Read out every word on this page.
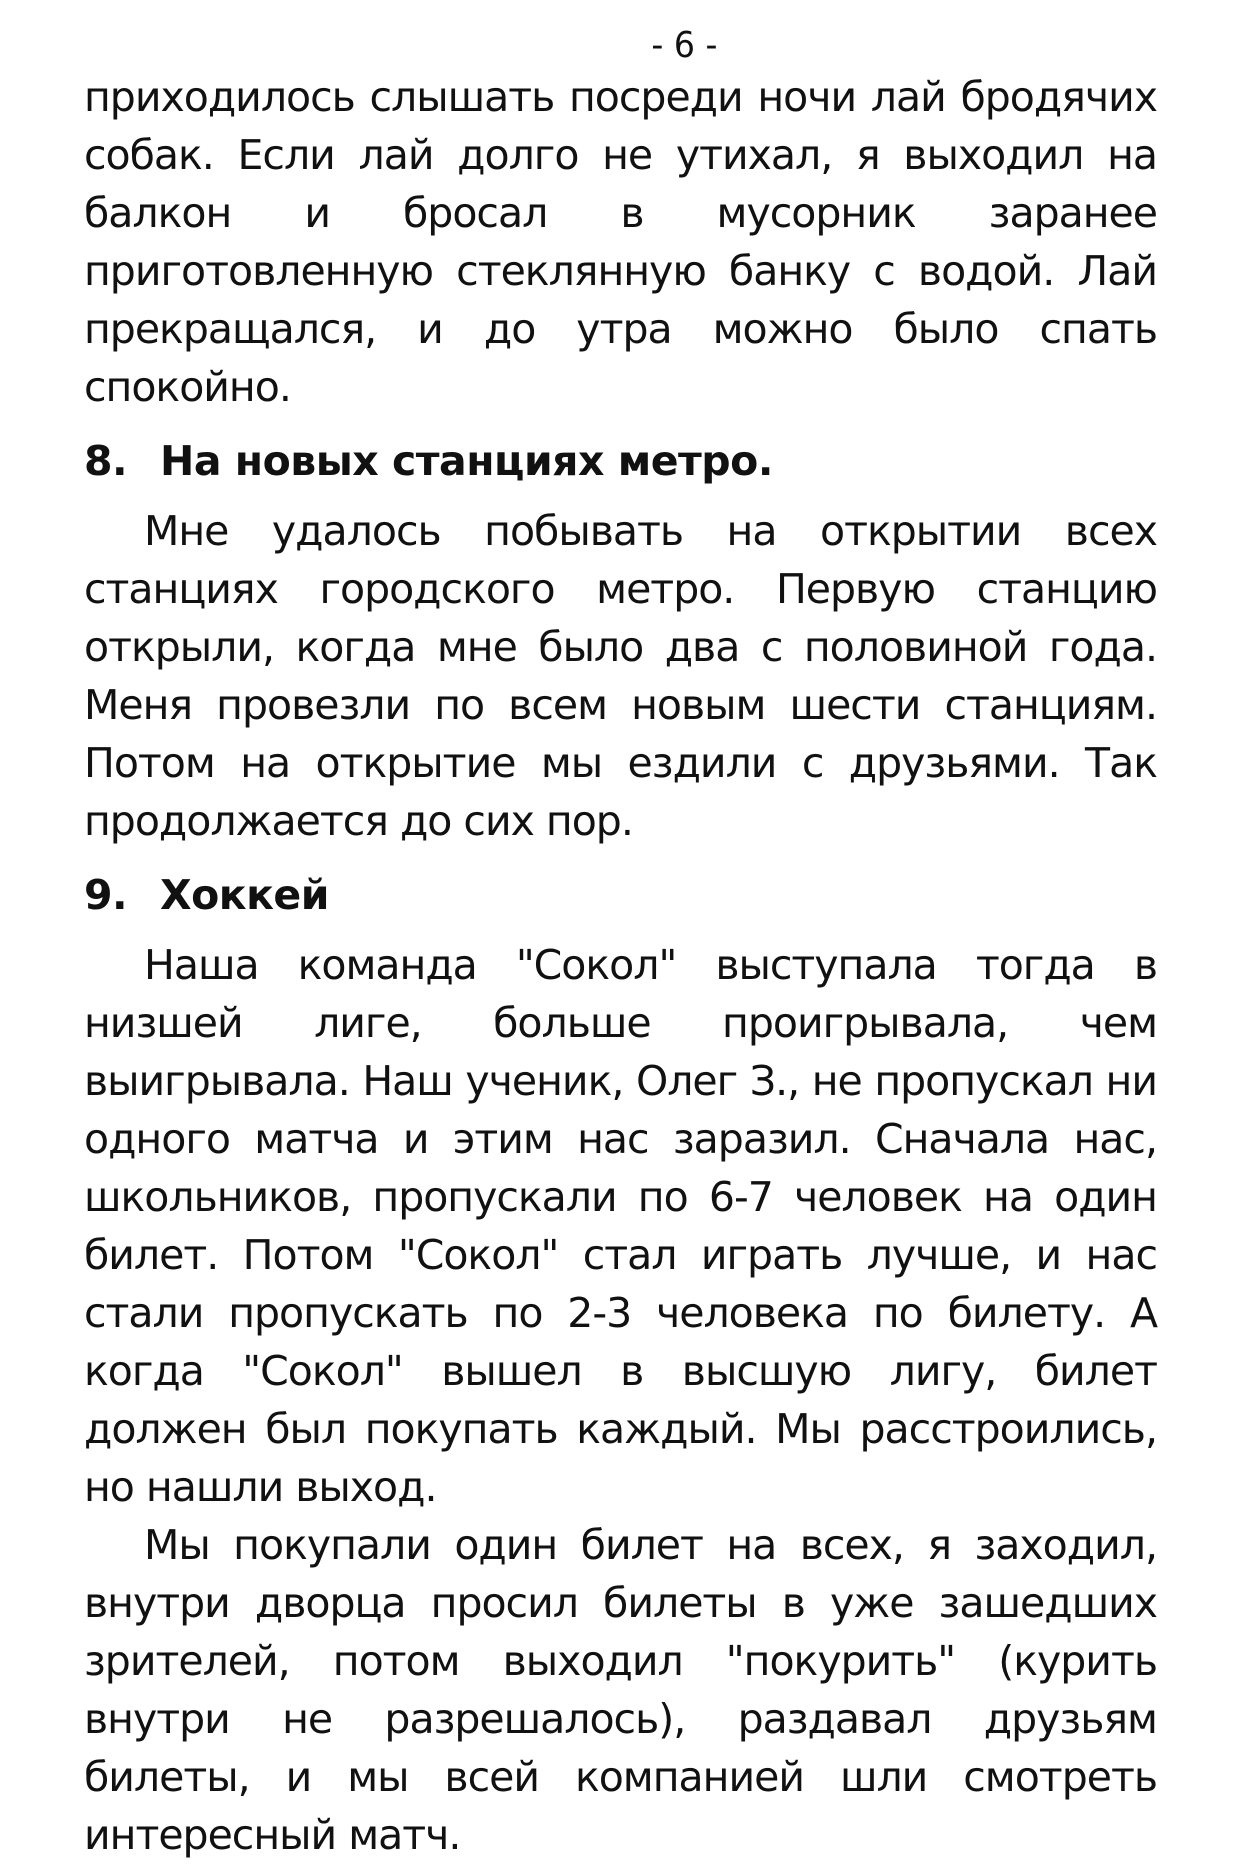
- 6 -

приходилось слышать посреди ночи лай бродячих собак. Если лай долго не утихал, я выходил на балкон и бросал в мусорник заранее приготовленную стеклянную банку с водой. Лай прекращался, и до утра можно было спать спокойно.

8. На новых станциях метро.

Мне удалось побывать на открытии всех станциях городского метро. Первую станцию открыли, когда мне было два с половиной года. Меня провезли по всем новым шести станциям. Потом на открытие мы ездили с друзьями. Так продолжается до сих пор.

9. Хоккей

Наша команда "Сокол" выступала тогда в низшей лиге, больше проигрывала, чем выигрывала. Наш ученик, Олег З., не пропускал ни одного матча и этим нас заразил. Сначала нас, школьников, пропускали по 6-7 человек на один билет. Потом "Сокол" стал играть лучше, и нас стали пропускать по 2-3 человека по билету. А когда "Сокол" вышел в высшую лигу, билет должен был покупать каждый. Мы расстроились, но нашли выход.

Мы покупали один билет на всех, я заходил, внутри дворца просил билеты в уже зашедших зрителей, потом выходил "покурить" (курить внутри не разрешалось), раздавал друзьям билеты, и мы всей компанией шли смотреть интересный матч.
